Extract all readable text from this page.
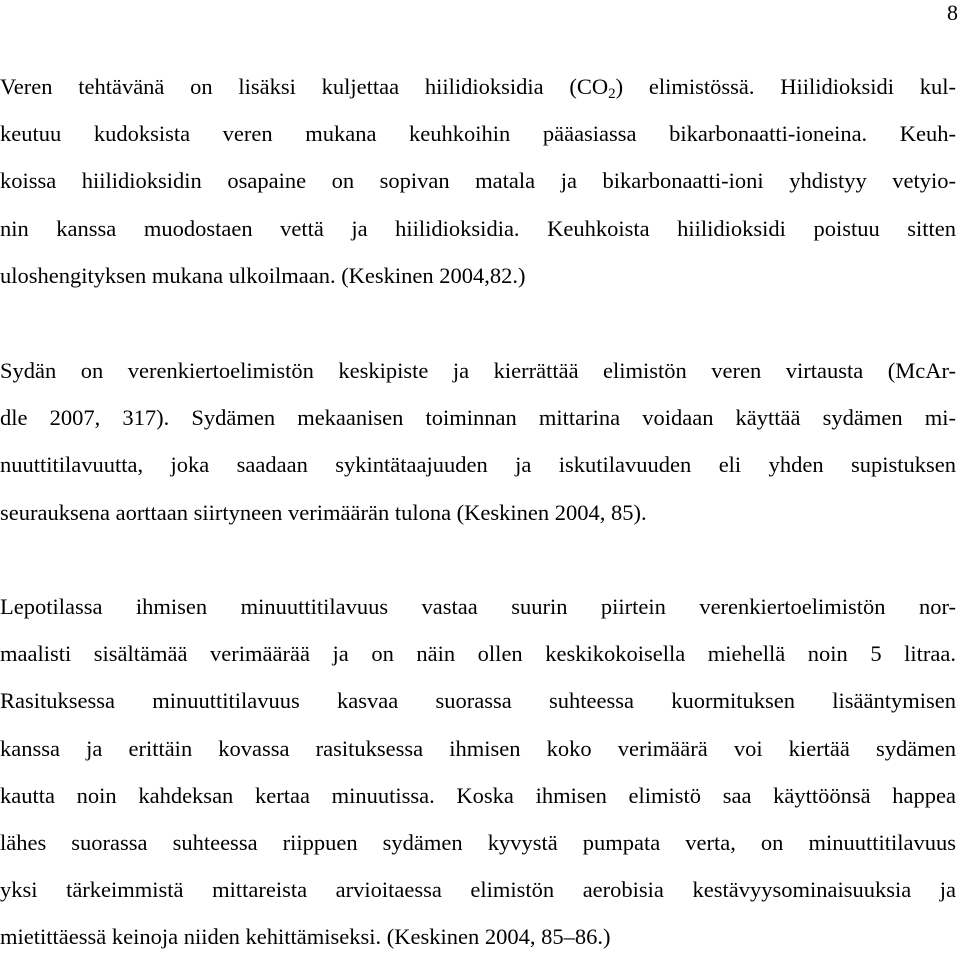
8
Veren tehtävänä on lisäksi kuljettaa hiilidioksidia $(CO_2)$ elimistössä. Hiilidioksidi kul-
keutuu kudoksista veren mukana keuhkoihin pääasiassa bikarbonaatti-ioneina. Keuh-
koissa hiilidioksidin osapaine on sopivan matala ja bikarbonaatti-ioni yhdistyy vetyio-
nin kanssa muodostaen vettä ja hiilidioksidia. Keuhkoista hiilidioksidi poistuu sitten
uloshengityksen mukana ulkoilmaan. (Keskinen 2004,82.)
Sydän on verenkiertoelimistön keskipiste ja kierrättää elimistön veren virtausta (McAr-
dle 2007, 317). Sydämen mekaanisen toiminnan mittarina voidaan käyttää sydämen mi-
nuuttitilavuutta, joka saadaan sykintätaajuuden ja iskutilavuuden eli yhden supistuksen
seurauksena aorttaan siirtyneen verimäärän tulona (Keskinen 2004, 85).
Lepotilassa ihmisen minuuttitilavuus vastaa suurin piirtein verenkiertoelimistön nor-
maalisti sisältämää verimäärää ja on näin ollen keskikokoisella miehellä noin 5 litraa.
Rasituksessa minuuttitilavuus kasvaa suorassa suhteessa kuormituksen lisääntymisen
kanssa ja erittäin kovassa rasituksessa ihmisen koko verimäärä voi kiertää sydämen
kautta noin kahdeksan kertaa minuutissa. Koska ihmisen elimistö saa käyttöönsä happea
lähes suorassa suhteessa riippuen sydämen kyvystä pumpata verta, on minuuttitilavuus
yksi tärkeimmistä mittareista arvioitaessa elimistön aerobisia kestävyysominaisuuksia ja
mietittäessä keinoja niiden kehittämiseksi. (Keskinen 2004, 85–86.)
